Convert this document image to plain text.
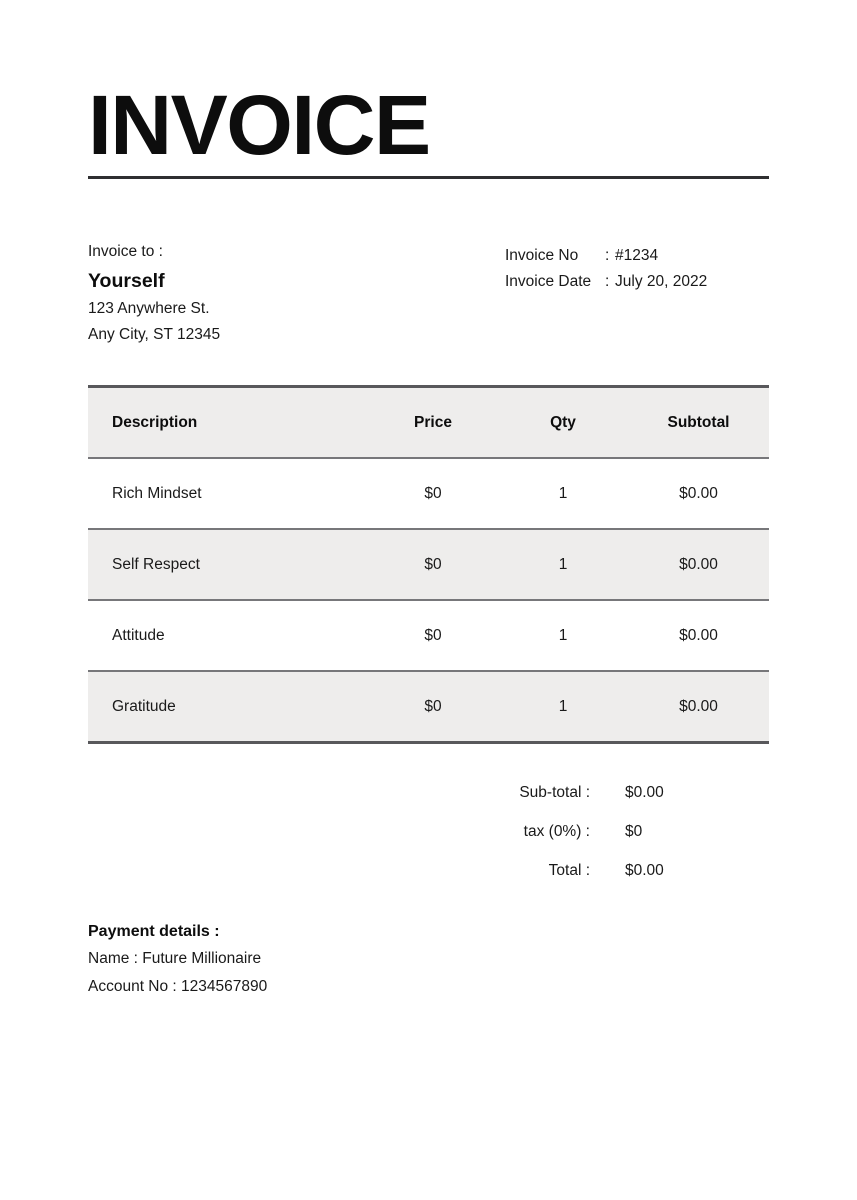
INVOICE
Invoice to :
Yourself
123 Anywhere St.
Any City, ST 12345
Invoice No	: #1234
Invoice Date : July 20, 2022
Description	Price	Qty	Subtotal
Rich Mindset	$0	1	$0.00
Self Respect	$0	1	$0.00
Attitude	$0	1	$0.00
Gratitude	$0	1	$0.00
Sub-total :	$0.00
tax (0%) :	$0
Total :	$0.00
Payment details :
Name : Future Millionaire
Account No : 1234567890
